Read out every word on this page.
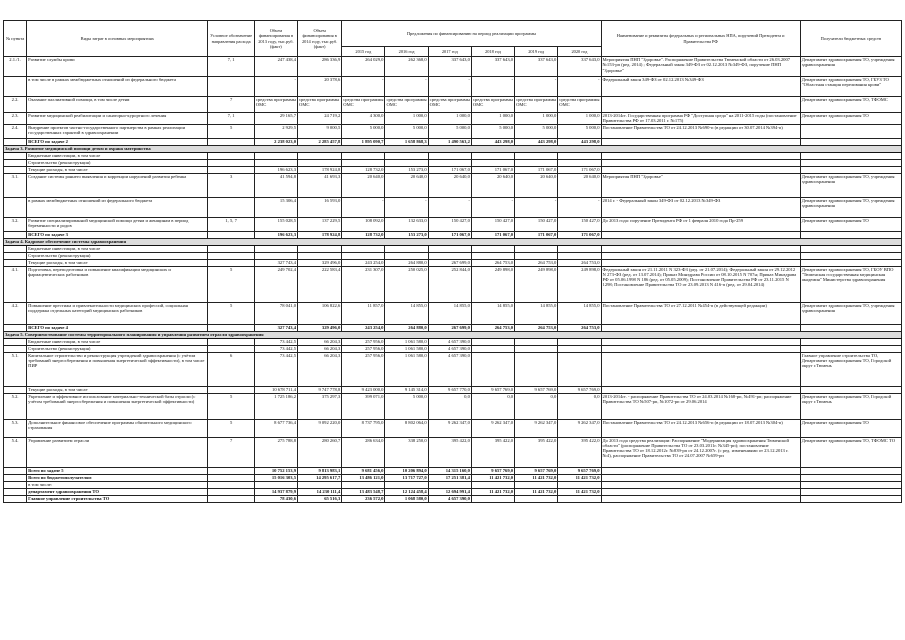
№ пункта	Виды затрат в основных мероприятиях	Условное обозначение направления расхода	Объем финансирования в 2013 году, тыс.руб.(факт)	Объем финансирования в 2014 году, тыс.руб.(факт)	Предложения по финансированию на период реализации программы						Наименование и реквизиты федеральных и региональных НПА, поручений Президента и Правительства РФ	Получатели бюджетных средств
					2015 год	2016 год	2017 год	2018 год	2019 год	2020 год		
2.1./1.	Развитие службы крови	7, 1	247 438,4	286 336,9	264 029,0	262 368,0	337 643,0	337 643,0	337 643,0	337 643,0	Мероприятия ПНП "Здоровье". Распоряжение Правительства Тюменской области от 26.03.2007 №153-рп (ред. 2014) ; Федеральный закон 349-ФЗ от 02.12.2013 №349-ФЗ, поручение ПНП "Здоровье"	Департамент здравоохранения ТО, учреждения здравоохранения
	в том числе в рамках межбюджетных отношений из федерального бюджета		-	20 378,6	-	-	-	-	-	-	Федеральный закон 349-ФЗ от 02.12.2013 №349-ФЗ	Департамент здравоохранения ТО, ГБУЗ ТО "Областная станция переливания крови"
2.2.	Оказание паллиативной помощи, в том числе детям	7	средства программы ОМС	средства программы ОМС	средства программы ОМС	средства программы ОМС	средства программы ОМС	средства программы ОМС	средства программы ОМС	средства программы ОМС		Департамент здравоохранения ТО, ТФОМС
2.3.	Развитие медицинской реабилитации и санаторно-курортного лечения	7, 1	29 165,7	24 719,2	4 300,0	1 000,0	1 000,0	1 000,0	1 000,0	1 000,0	2013-2014гг. Государственная программа РФ "Доступная среда" на 2011-2015 годы (постановление Правительства РФ от 17.03.2011 г. №175)	Департамент здравоохранения ТО
2.4.	Внедрение проектов частно-государственного партнерства в рамках реализации государственных гарантий в здравоохранении	5	2 929,5	9 000,5	5 000,0	5 000,0	5 000,0	5 000,0	5 000,0	5 000,0	Постановление Правительства ТО от 24.12.2013 №690-п (в редакции от 30.07.2014 №394-п)	
	ВСЕГО по задаче 2		2 238 023,0	2 285 457,8	1 895 090,7	1 658 868,3	1 490 563,2	443 298,0	443 298,0	443 298,0		
Задача 3. Развитие медицинской помощи детям и охрана материнства												
	Бюджетные инвестиции, в том числе											
	Строительство (реконструкция)											
	Текущие расходы, в том числе		196 623,3	178 924,8	128 732,0	153 273,0	171 067,0	171 067,0	171 067,0	171 067,0		
3.1.	Создание системы раннего выявления и коррекции нарушений развития ребенка	3	41 594,8	41 693,3	20 640,0	20 640,0	20 640,0	20 640,0	20 640,0	20 640,0	Мероприятия ПНП "Здоровье"	Департамент здравоохранения ТО, учреждения здравоохранения
	в рамках межбюджетных отношений из федерального бюджета		15 306,4	16 593,0	-	-	-	-	-	-	2014 г. - Федеральный закон 349-ФЗ от 02.12.2013 №349-ФЗ	Департамент здравоохранения ТО, учреждения здравоохранения
3.2.	Развитие специализированной медицинской помощи детям и женщинам в период беременности и родов	1, 5, 7	155 028,5	137 229,5	108 092,0	132 633,0	150 427,0	150 427,0	150 427,0	150 427,0	До 2013 года: поручение Президента РФ от 1 февраля 2010 года Пр-259	Департамент здравоохранения ТО
	ВСЕГО по задаче 3		196 623,3	178 924,8	128 732,0	153 273,0	171 067,0	171 067,0	171 067,0	171 067,0		
Задача 4. Кадровое обеспечение системы здравоохранения												
	Бюджетные инвестиции, в том числе											
	Строительство (реконструкция)											
	Текущие расходы, в том числе		327 743,4	329 496,0	243 254,0	264 880,0	267 699,0	264 753,0	264 753,0	264 753,0		
4.1.	Подготовка, переподготовка и повышение квалификации медицинских и фармацевтических работников	5	249 702,4	222 583,4	231 307,0	250 025,0	252 844,0	249 898,0	249 898,0	249 898,0	Федеральный закон от 21.11.2011 N 323-ФЗ (ред. от 21.07.2014); Федеральный закон от 29.12.2012 N 273-ФЗ (ред. от 13.07.2014); Приказ Минздрава России от 08.10.2015 N 707н; Приказ Минздрава РФ от 05.06.1998 N 186 (ред. от 05.05.2009); Постановление Правительства РФ от 23.11.2015 N 1298; Постановление Правительства ТО от 23.09.2013 N 416-п (ред. от 29.04.2014)	Департамент здравоохранения ТО, ГБОУ ВПО "Тюменская государственная медицинская академия" Министерства здравоохранения
4.2.	Повышение престижа и привлекательности медицинских профессий, социальная поддержка отдельных категорий медицинских работников	5	78 041,0	106 822,6	11 857,0	14 855,0	14 855,0	14 855,0	14 855,0	14 855,0	Постановление Правительства ТО от 27.12.2011 №454-п (в действующей редакции)	Департамент здравоохранения ТО, учреждения здравоохранения
	ВСЕГО по задаче 4		327 743,4	329 496,0	243 254,0	264 880,0	267 699,0	264 753,0	264 753,0	264 753,0		
Задача 5. Совершенствование системы территориального планирования и управления развитием отрасли здравоохранения												
	Бюджетные инвестиции, в том числе		73 442,5	66 204,3	257 956,0	1 061 580,0	4 657 390,0					
	Строительство (реконструкция)		73 442,5	66 204,3	257 956,0	1 061 580,0	4 657 390,0					
5.1.	Капитальное строительство и реконструкция учреждений здравоохранения (с учётом требований энергосбережения и повышения энергетической эффективности), в том числе ПИР	6	73 442,5	66 204,3	257 956,0	1 061 580,0	4 657 390,0					Главное управление строительства ТО, Департамент здравоохранения ТО, Городской округ г.Тюмень
	Текущие расходы, в том числе		10 678 711,4	9 747 778,8	9 423 000,0	9 145 314,0	9 657 770,0	9 657 769,0	9 657 769,0	9 657 769,0		
5.2.	Укрепление и эффективное использование материально-технической базы отрасли (с учётом требований энергосбережения и повышения энергетической эффективности)	5	1 725 186,2	375 297,3	399 071,0	5 000,0	0,0	0,0	0,0	0,0	2013-2014гг. - распоряжение Правительства ТО от 24.03.2014 №168-рп, №491-рп; распоряжение Правительства ТО №507-рп, №1072-рп от 29.06.2014	Департамент здравоохранения ТО, Городской округ г.Тюмень
5.3.	Дополнительное финансовое обеспечение программы обязательного медицинского страхования	5	8 677 736,4	9 092 220,0	8 737 795,0	8 802 064,0	9 262 347,0	9 262 347,0	9 262 347,0	9 262 347,0	Постановление Правительства ТО от 24.12.2013 №656-п (в редакции от 18.07.2013 №304-п)	Департамент здравоохранения ТО
5.4.	Управление развитием отрасли	7	275 788,8	280 260,7	286 634,0	338 250,0	395 422,0	395 422,0	395 422,0	395 422,0	До 2013 года средства реализации: Распоряжение "Модернизация здравоохранения Тюменской области" (распоряжение Правительства ТО от 23.03.2011г. №345-рп); постановление Правительства ТО от 18.12.2012г. №839-рп от 24.12.2007г. (с ред. изменениями от 23.12.2013 г. №4), распоряжение Правительства ТО от 24.07.2007 №659-рп	Департамент здравоохранения ТО, ТФОМС ТО
	Всего по задаче 5		10 752 153,9	9 813 983,1	9 681 456,0	10 206 894,0	14 315 160,0	9 657 769,0	9 657 769,0	9 657 769,0		
	Всего по бюджетополучателям		15 016 303,5	14 295 617,7	13 486 121,0	13 717 727,0	17 251 381,4	11 421 732,0	11 421 732,0	11 421 732,0		
	в том числе:											
	департамент здравоохранения ТО		14 937 879,9	14 230 111,4	13 483 548,7	12 124 458,4	12 694 991,4	11 421 732,0	11 421 732,0	11 421 732,0		
	Главное управление строительства ТО		78 430,6	65 516,3	236 572,0	1 068 580,0	4 657 390,0					
